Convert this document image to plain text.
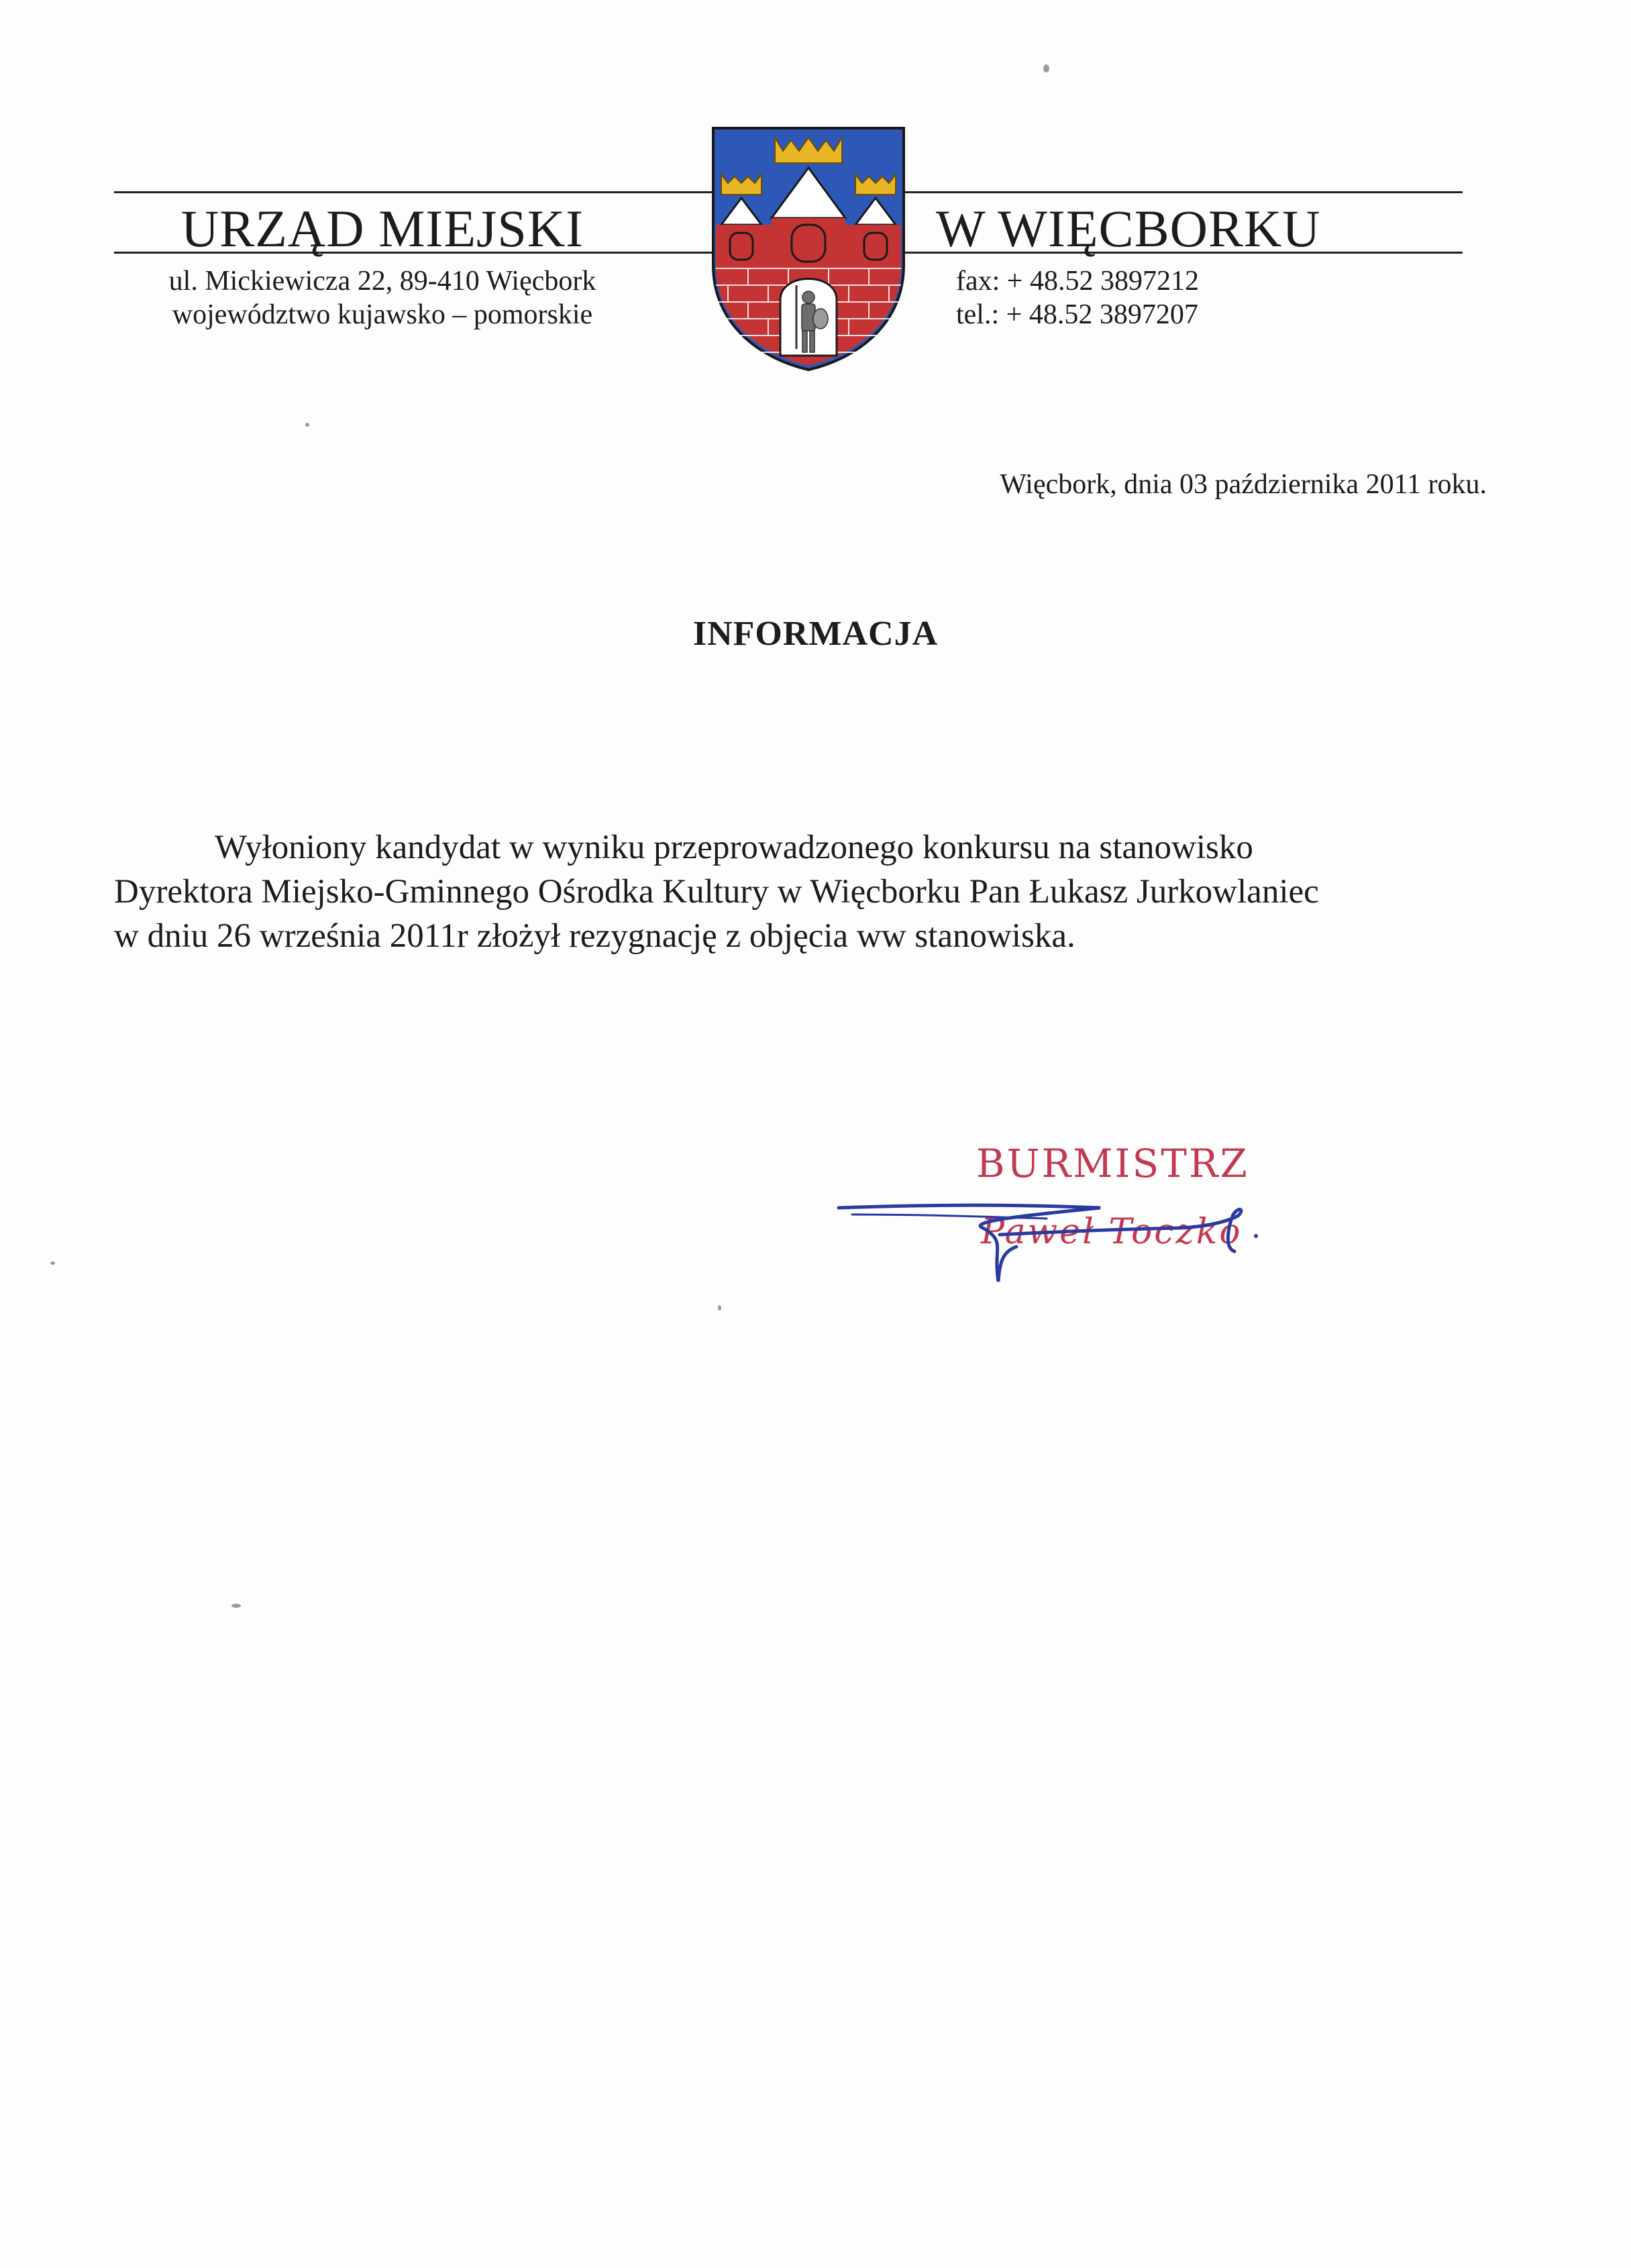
URZĄD MIEJSKI
ul. Mickiewicza 22, 89-410 Więcbork
województwo kujawsko – pomorskie
W WIĘCBORKU
fax: + 48.52 3897212
tel.: + 48.52 3897207
Więcbork, dnia 03 października 2011 roku.
INFORMACJA
Wyłoniony kandydat w wyniku przeprowadzonego konkursu na stanowisko
Dyrektora Miejsko-Gminnego Ośrodka Kultury w Więcborku Pan Łukasz Jurkowlaniec
w dniu 26 września 2011r złożył rezygnację z objęcia ww stanowiska.
BURMISTRZ
Paweł Toczko
